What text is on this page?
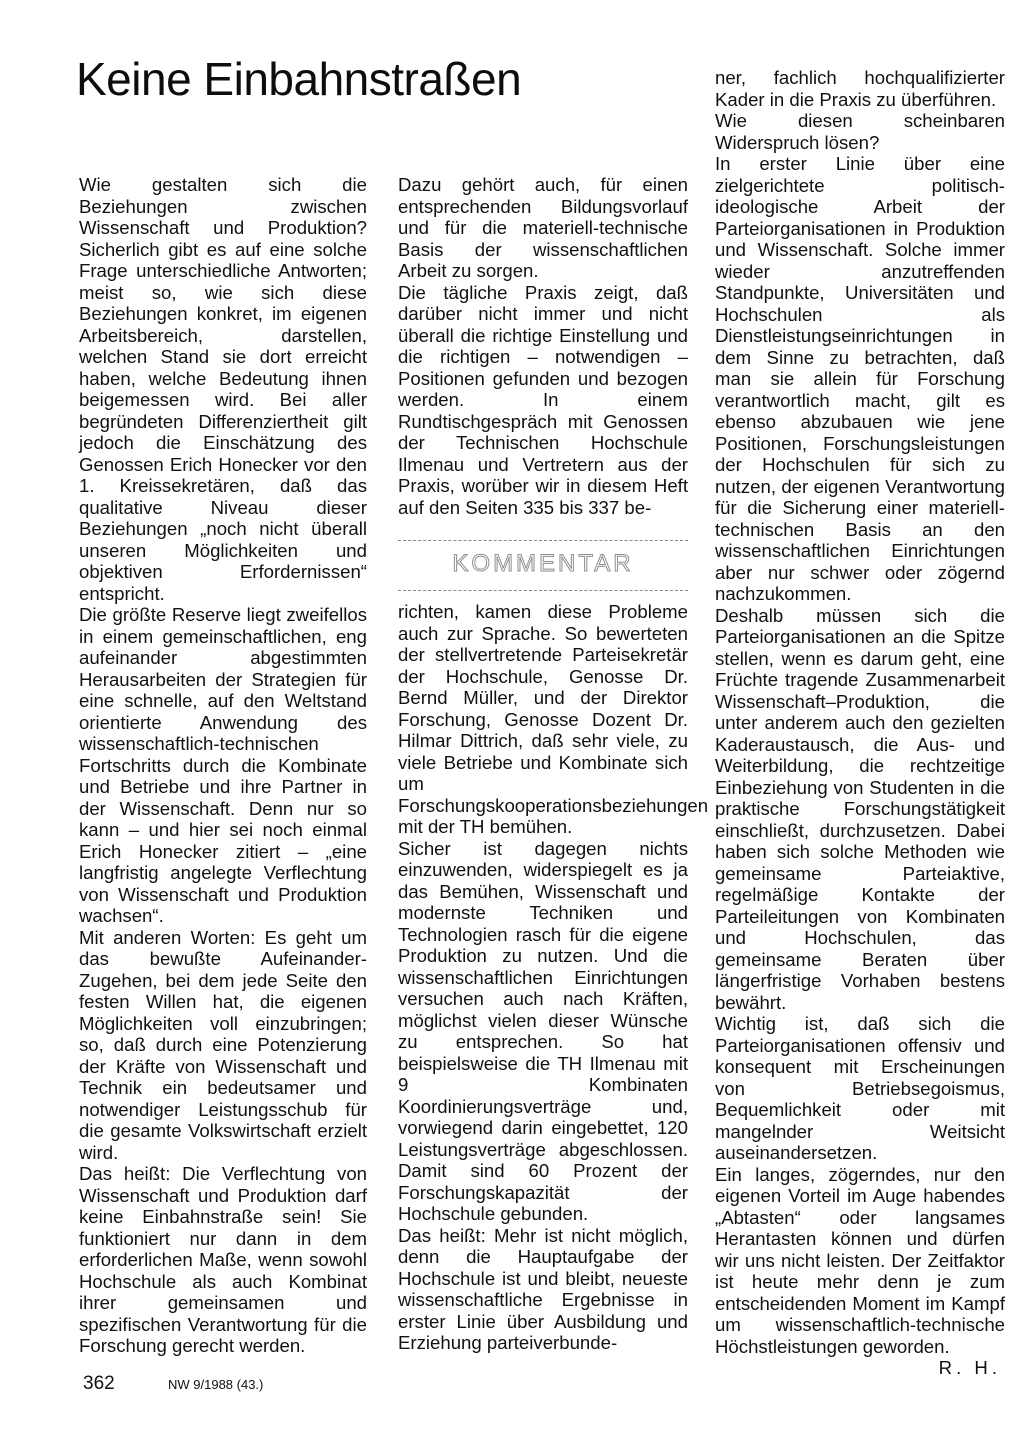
Keine Einbahnstraßen

Wie gestalten sich die Beziehungen zwischen Wissenschaft und Produktion? Sicherlich gibt es auf eine solche Frage unterschiedliche Antworten; meist so, wie sich diese Beziehungen konkret, im eigenen Arbeitsbereich, darstellen, welchen Stand sie dort erreicht haben, welche Bedeutung ihnen beigemessen wird. Bei aller begründeten Differenziertheit gilt jedoch die Einschätzung des Genossen Erich Honecker vor den 1. Kreissekretären, daß das qualitative Niveau dieser Beziehungen „noch nicht überall unseren Möglichkeiten und objektiven Erfordernissen“ entspricht.

Die größte Reserve liegt zweifellos in einem gemeinschaftlichen, eng aufeinander abgestimmten Herausarbeiten der Strategien für eine schnelle, auf den Weltstand orientierte Anwendung des wissenschaftlich-technischen Fortschritts durch die Kombinate und Betriebe und ihre Partner in der Wissenschaft. Denn nur so kann – und hier sei noch einmal Erich Honecker zitiert – „eine langfristig angelegte Verflechtung von Wissenschaft und Produktion wachsen“.

Mit anderen Worten: Es geht um das bewußte Aufeinander-Zugehen, bei dem jede Seite den festen Willen hat, die eigenen Möglichkeiten voll einzubringen; so, daß durch eine Potenzierung der Kräfte von Wissenschaft und Technik ein bedeutsamer und notwendiger Leistungsschub für die gesamte Volkswirtschaft erzielt wird.

Das heißt: Die Verflechtung von Wissenschaft und Produktion darf keine Einbahnstraße sein! Sie funktioniert nur dann in dem erforderlichen Maße, wenn sowohl Hochschule als auch Kombinat ihrer gemeinsamen und spezifischen Verantwortung für die Forschung gerecht werden.

Dazu gehört auch, für einen entsprechenden Bildungsvorlauf und für die materiell-technische Basis der wissenschaftlichen Arbeit zu sorgen.

Die tägliche Praxis zeigt, daß darüber nicht immer und nicht überall die richtige Einstellung und die richtigen – notwendigen – Positionen gefunden und bezogen werden. In einem Rundtischgespräch mit Genossen der Technischen Hochschule Ilmenau und Vertretern aus der Praxis, worüber wir in diesem Heft auf den Seiten 335 bis 337 be-

KOMMENTAR

richten, kamen diese Probleme auch zur Sprache. So bewerteten der stellvertretende Parteisekretär der Hochschule, Genosse Dr. Bernd Müller, und der Direktor Forschung, Genosse Dozent Dr. Hilmar Dittrich, daß sehr viele, zu viele Betriebe und Kombinate sich um Forschungskooperationsbeziehungen mit der TH bemühen.

Sicher ist dagegen nichts einzuwenden, widerspiegelt es ja das Bemühen, Wissenschaft und modernste Techniken und Technologien rasch für die eigene Produktion zu nutzen. Und die wissenschaftlichen Einrichtungen versuchen auch nach Kräften, möglichst vielen dieser Wünsche zu entsprechen. So hat beispielsweise die TH Ilmenau mit 9 Kombinaten Koordinierungsverträge und, vorwiegend darin eingebettet, 120 Leistungsverträge abgeschlossen. Damit sind 60 Prozent der Forschungskapazität der Hochschule gebunden.

Das heißt: Mehr ist nicht möglich, denn die Hauptaufgabe der Hochschule ist und bleibt, neueste wissenschaftliche Ergebnisse in erster Linie über Ausbildung und Erziehung parteiverbunde-

ner, fachlich hochqualifizierter Kader in die Praxis zu überführen.

Wie diesen scheinbaren Widerspruch lösen?

In erster Linie über eine zielgerichtete politisch-ideologische Arbeit der Parteiorganisationen in Produktion und Wissenschaft. Solche immer wieder anzutreffenden Standpunkte, Universitäten und Hochschulen als Dienstleistungseinrichtungen in dem Sinne zu betrachten, daß man sie allein für Forschung verantwortlich macht, gilt es ebenso abzubauen wie jene Positionen, Forschungsleistungen der Hochschulen für sich zu nutzen, der eigenen Verantwortung für die Sicherung einer materiell-technischen Basis an den wissenschaftlichen Einrichtungen aber nur schwer oder zögernd nachzukommen.

Deshalb müssen sich die Parteiorganisationen an die Spitze stellen, wenn es darum geht, eine Früchte tragende Zusammenarbeit Wissenschaft–Produktion, die unter anderem auch den gezielten Kaderaustausch, die Aus- und Weiterbildung, die rechtzeitige Einbeziehung von Studenten in die praktische Forschungstätigkeit einschließt, durchzusetzen. Dabei haben sich solche Methoden wie gemeinsame Parteiaktive, regelmäßige Kontakte der Parteileitungen von Kombinaten und Hochschulen, das gemeinsame Beraten über längerfristige Vorhaben bestens bewährt.

Wichtig ist, daß sich die Parteiorganisationen offensiv und konsequent mit Erscheinungen von Betriebsegoismus, Bequemlichkeit oder mit mangelnder Weitsicht auseinandersetzen.

Ein langes, zögerndes, nur den eigenen Vorteil im Auge habendes „Abtasten“ oder langsames Herantasten können und dürfen wir uns nicht leisten. Der Zeitfaktor ist heute mehr denn je zum entscheidenden Moment im Kampf um wissenschaftlich-technische Höchstleistungen geworden.

R. H.

362	NW 9/1988 (43.)
